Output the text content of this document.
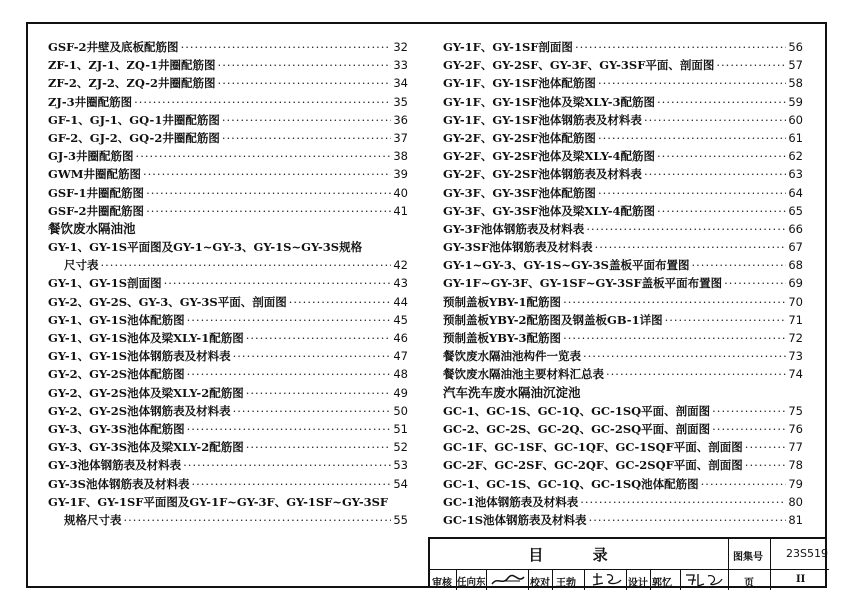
GSF-2井壁及底板配筋图 ·····	32
ZF-1、ZJ-1、ZQ-1井圈配筋图 ·····	33
ZF-2、ZJ-2、ZQ-2井圈配筋图 ·····	34
ZJ-3井圈配筋图 ·····	35
GF-1、GJ-1、GQ-1井圈配筋图 ·····	36
GF-2、GJ-2、GQ-2井圈配筋图 ·····	37
GJ-3井圈配筋图 ·····	38
GWM井圈配筋图 ·····	39
GSF-1井圈配筋图 ·····	40
GSF-2井圈配筋图 ·····	41
餐饮废水隔油池
GY-1、GY-1S平面图及GY-1~GY-3、GY-1S~GY-3S规格
尺寸表 ·····	42
GY-1、GY-1S剖面图 ·····	43
GY-2、GY-2S、GY-3、GY-3S平面、剖面图 ·····	44
GY-1、GY-1S池体配筋图 ·····	45
GY-1、GY-1S池体及梁XLY-1配筋图 ·····	46
GY-1、GY-1S池体钢筋表及材料表 ·····	47
GY-2、GY-2S池体配筋图 ·····	48
GY-2、GY-2S池体及梁XLY-2配筋图 ·····	49
GY-2、GY-2S池体钢筋表及材料表 ·····	50
GY-3、GY-3S池体配筋图 ·····	51
GY-3、GY-3S池体及梁XLY-2配筋图 ·····	52
GY-3池体钢筋表及材料表 ·····	53
GY-3S池体钢筋表及材料表 ·····	54
GY-1F、GY-1SF平面图及GY-1F~GY-3F、GY-1SF~GY-3SF
规格尺寸表 ·····	55
GY-1F、GY-1SF剖面图 ·····	56
GY-2F、GY-2SF、GY-3F、GY-3SF平面、剖面图 ·····	57
GY-1F、GY-1SF池体配筋图 ·····	58
GY-1F、GY-1SF池体及梁XLY-3配筋图 ·····	59
GY-1F、GY-1SF池体钢筋表及材料表 ·····	60
GY-2F、GY-2SF池体配筋图 ·····	61
GY-2F、GY-2SF池体及梁XLY-4配筋图 ·····	62
GY-2F、GY-2SF池体钢筋表及材料表 ·····	63
GY-3F、GY-3SF池体配筋图 ·····	64
GY-3F、GY-3SF池体及梁XLY-4配筋图 ·····	65
GY-3F池体钢筋表及材料表 ·····	66
GY-3SF池体钢筋表及材料表 ·····	67
GY-1~GY-3、GY-1S~GY-3S盖板平面布置图 ·····	68
GY-1F~GY-3F、GY-1SF~GY-3SF盖板平面布置图 ·····	69
预制盖板YBY-1配筋图 ·····	70
预制盖板YBY-2配筋图及钢盖板GB-1详图 ·····	71
预制盖板YBY-3配筋图 ·····	72
餐饮废水隔油池构件一览表 ·····	73
餐饮废水隔油池主要材料汇总表 ·····	74
汽车洗车废水隔油沉淀池
GC-1、GC-1S、GC-1Q、GC-1SQ平面、剖面图 ·····	75
GC-2、GC-2S、GC-2Q、GC-2SQ平面、剖面图 ·····	76
GC-1F、GC-1SF、GC-1QF、GC-1SQF平面、剖面图 ·····	77
GC-2F、GC-2SF、GC-2QF、GC-2SQF平面、剖面图 ·····	78
GC-1、GC-1S、GC-1Q、GC-1SQ池体配筋图 ·····	79
GC-1池体钢筋表及材料表 ·····	80
GC-1S池体钢筋表及材料表 ·····	81
目 录	图集号 23S519
审核 任向东	校对 王勃	设计 郭忆	页	II
